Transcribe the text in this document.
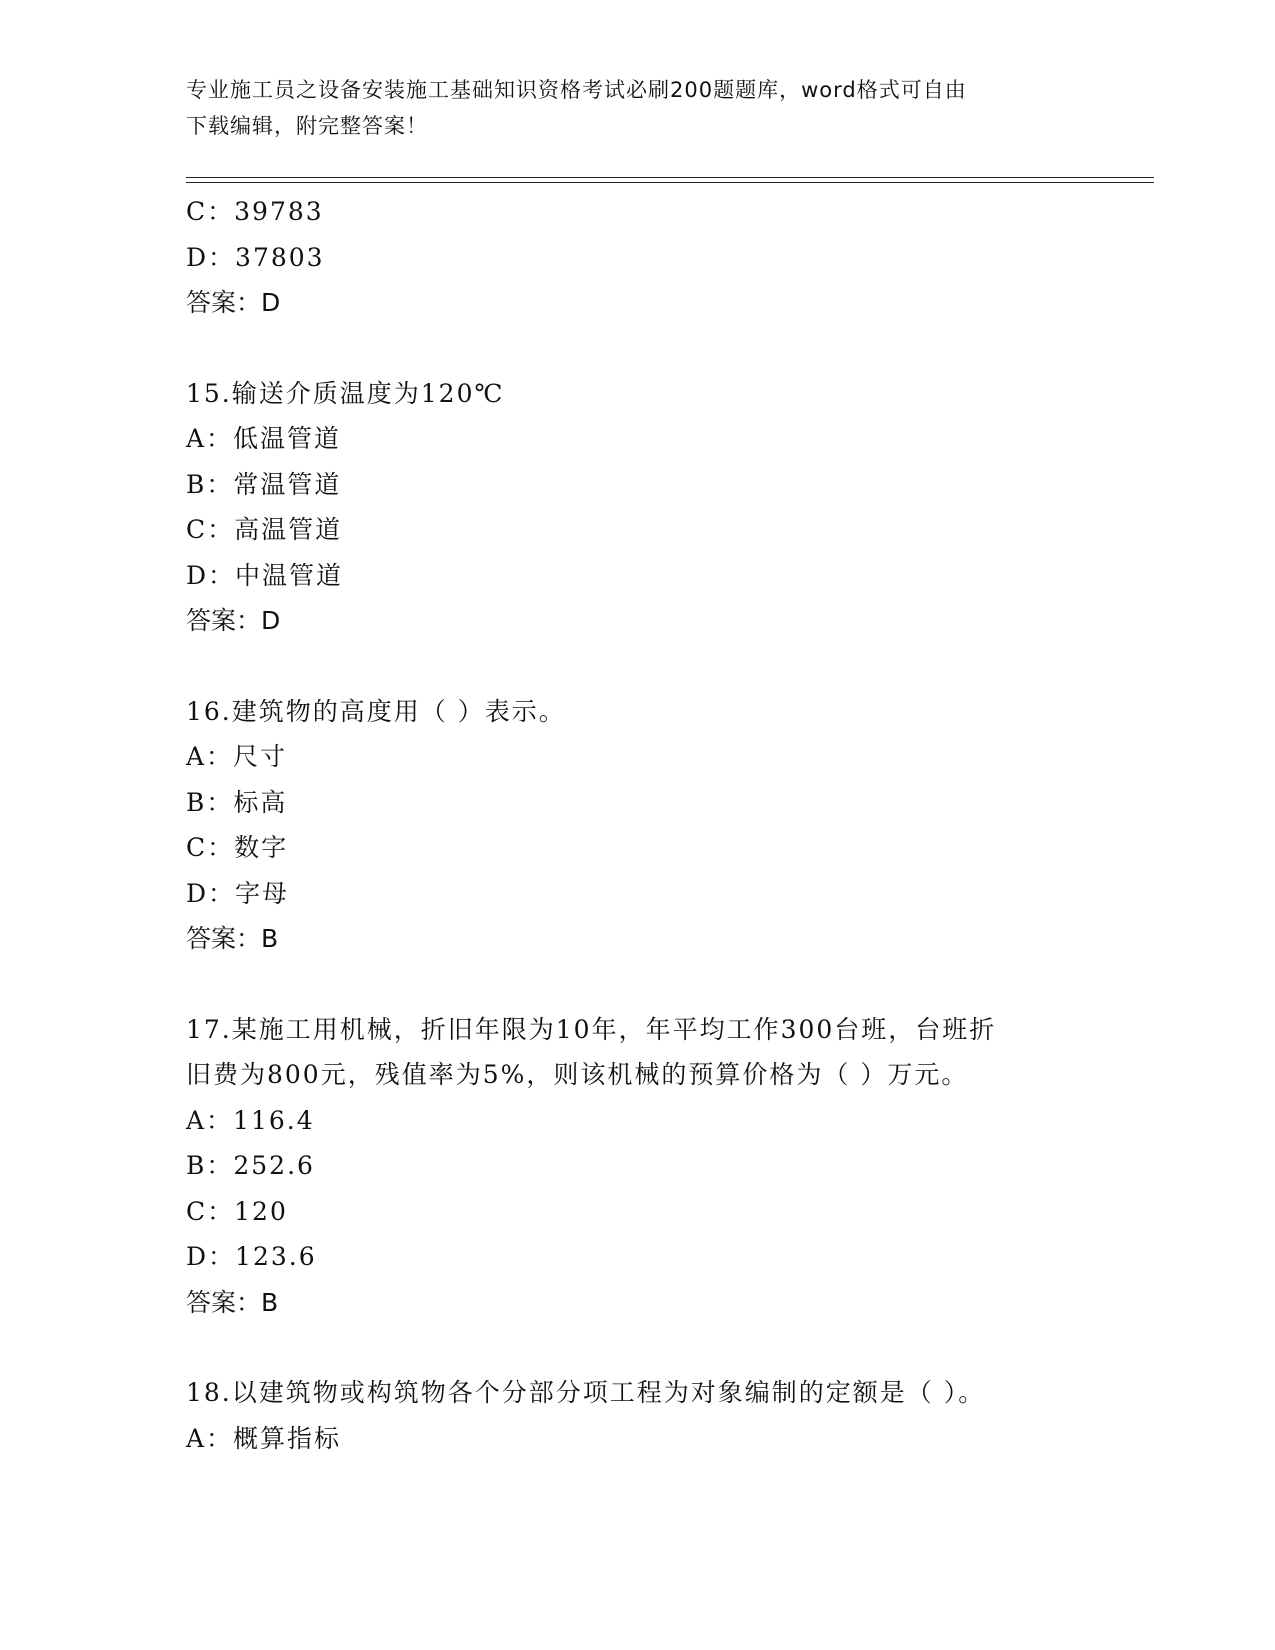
专业施工员之设备安装施工基础知识资格考试必刷200题题库，word格式可自由
下载编辑，附完整答案！
C：39783
D：37803
答案：D
15.输送介质温度为120℃
A：低温管道
B：常温管道
C：高温管道
D：中温管道
答案：D
16.建筑物的高度用（ ）表示。
A：尺寸
B：标高
C：数字
D：字母
答案：B
17.某施工用机械，折旧年限为10年，年平均工作300台班，台班折
旧费为800元，残值率为5%，则该机械的预算价格为（ ）万元。
A：116.4
B：252.6
C：120
D：123.6
答案：B
18.以建筑物或构筑物各个分部分项工程为对象编制的定额是（ ）。
A：概算指标
